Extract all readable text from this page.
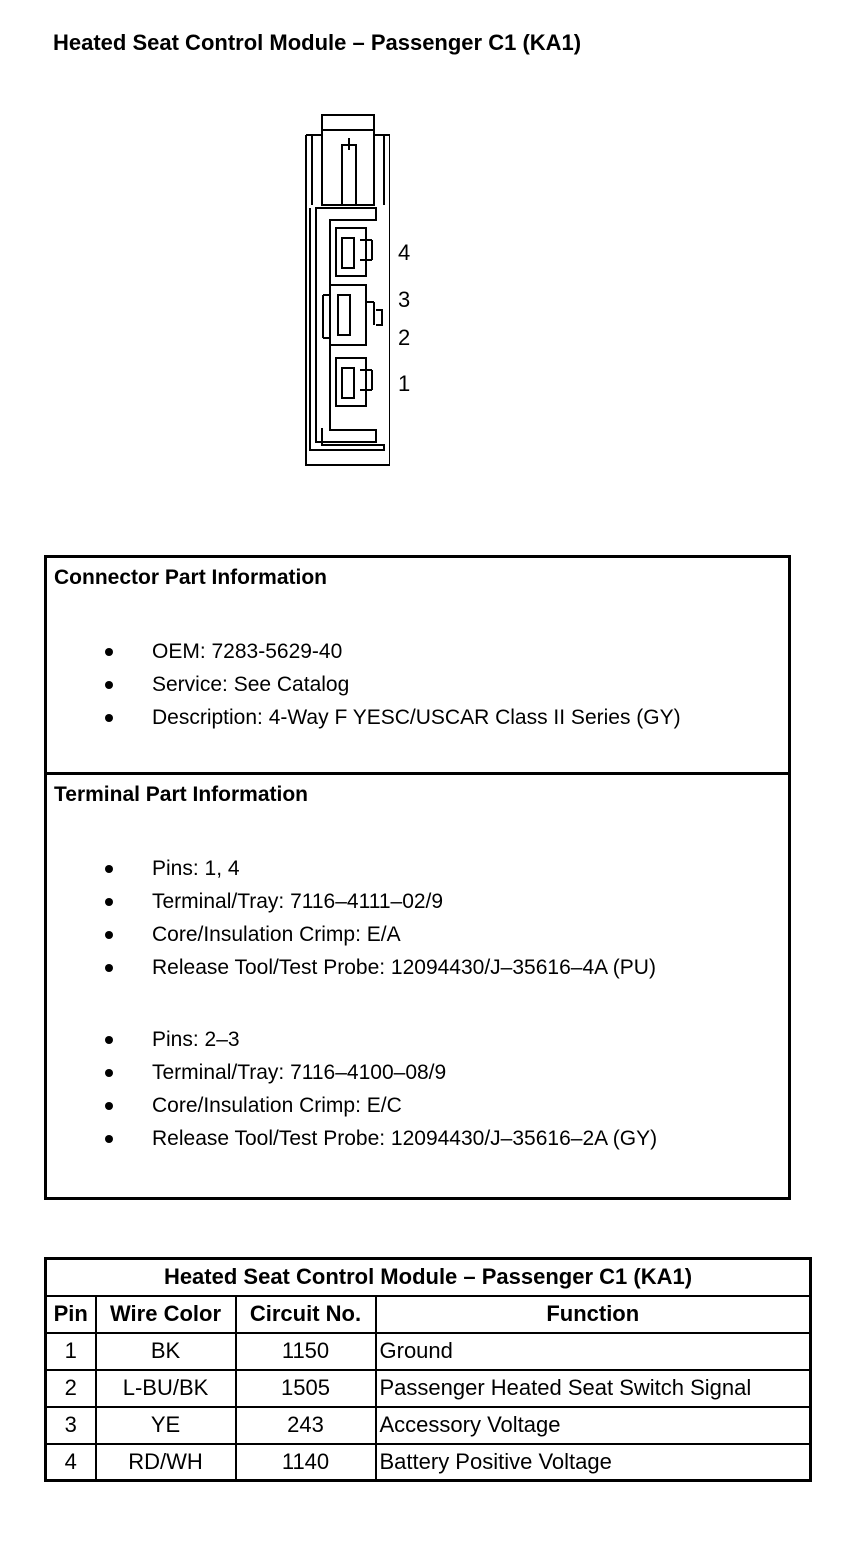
Heated Seat Control Module – Passenger C1 (KA1)
4
3
2
1
Connector Part Information
OEM: 7283-5629-40
Service: See Catalog
Description: 4-Way F YESC/USCAR Class II Series (GY)
Terminal Part Information
Pins: 1, 4
Terminal/Tray: 7116–4111–02/9
Core/Insulation Crimp: E/A
Release Tool/Test Probe: 12094430/J–35616–4A (PU)
Pins: 2–3
Terminal/Tray: 7116–4100–08/9
Core/Insulation Crimp: E/C
Release Tool/Test Probe: 12094430/J–35616–2A (GY)
Heated Seat Control Module – Passenger C1 (KA1)			
Pin	Wire Color	Circuit No.	Function
1	BK	1150	Ground
2	L-BU/BK	1505	Passenger Heated Seat Switch Signal
3	YE	243	Accessory Voltage
4	RD/WH	1140	Battery Positive Voltage
